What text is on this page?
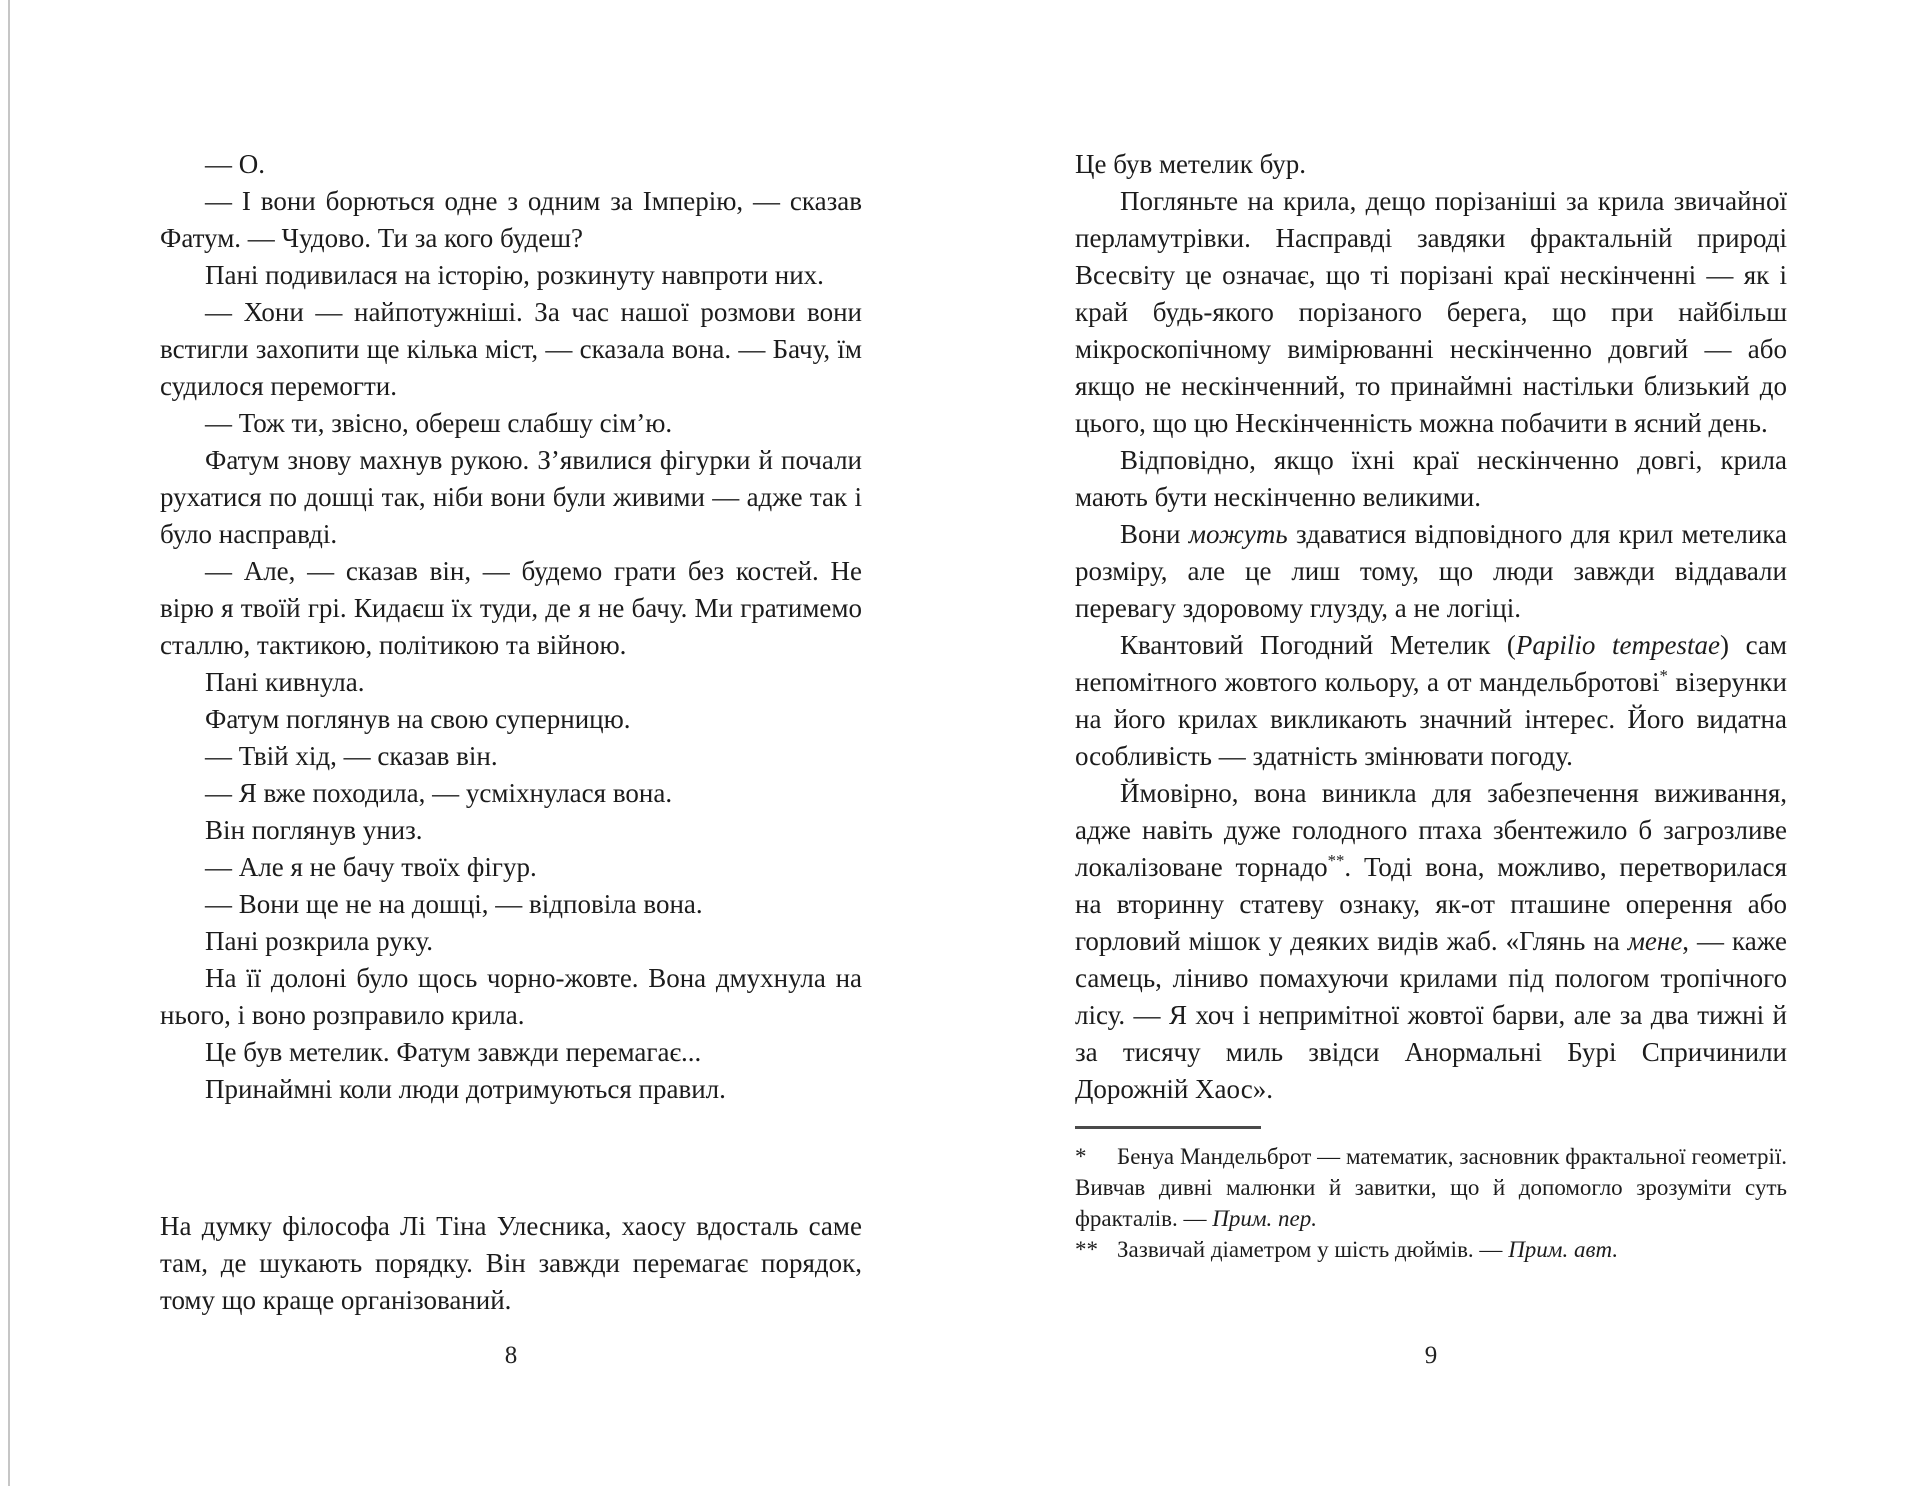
— О.

— І вони борються одне з одним за Імперію, — сказав Фатум. — Чудово. Ти за кого будеш?

Пані подивилася на історію, розкинуту навпроти них.

— Хони — найпотужніші. За час нашої розмови вони встигли захопити ще кілька міст, — сказала вона. — Бачу, їм судилося перемогти.

— Тож ти, звісно, обереш слабшу сім’ю.

Фатум знову махнув рукою. З’явилися фігурки й почали рухатися по дошці так, ніби вони були живими — адже так і було насправді.

— Але, — сказав він, — будемо грати без костей. Не вірю я твоїй грі. Кидаєш їх туди, де я не бачу. Ми гратимемо сталлю, тактикою, політикою та війною.

Пані кивнула.

Фатум поглянув на свою суперницю.

— Твій хід, — сказав він.

— Я вже походила, — усміхнулася вона.

Він поглянув униз.

— Але я не бачу твоїх фігур.

— Вони ще не на дошці, — відповіла вона.

Пані розкрила руку.

На її долоні було щось чорно-жовте. Вона дмухнула на нього, і воно розправило крила.

Це був метелик. Фатум завжди перемагає...

Принаймні коли люди дотримуються правил.

На думку філософа Лі Тіна Улесника, хаосу вдосталь саме там, де шукають порядку. Він завжди перемагає порядок, тому що краще організований.

8

Це був метелик бур.

Погляньте на крила, дещо порізаніші за крила звичайної перламутрівки. Насправді завдяки фрактальній природі Всесвіту це означає, що ті порізані краї нескінченні — як і край будь-якого порізаного берега, що при найбільш мікроскопічному вимірюванні нескінченно довгий — або якщо не нескінченний, то принаймні настільки близький до цього, що цю Нескінченність можна побачити в ясний день.

Відповідно, якщо їхні краї нескінченно довгі, крила мають бути нескінченно великими.

Вони можуть здаватися відповідного для крил метелика розміру, але це лиш тому, що люди завжди віддавали перевагу здоровому глузду, а не логіці.

Квантовий Погодний Метелик (Papilio tempestae) сам непомітного жовтого кольору, а от мандельбротові* візерунки на його крилах викликають значний інтерес. Його видатна особливість — здатність змінювати погоду.

Ймовірно, вона виникла для забезпечення виживання, адже навіть дуже голодного птаха збентежило б загрозливе локалізоване торнадо**. Тоді вона, можливо, перетворилася на вторинну статеву ознаку, як-от пташине оперення або горловий мішок у деяких видів жаб. «Глянь на мене, — каже самець, ліниво помахуючи крилами під пологом тропічного лісу. — Я хоч і непримітної жовтої барви, але за два тижні й за тисячу миль звідси Анормальні Бурі Спричинили Дорожній Хаос».

* Бенуа Мандельброт — математик, засновник фрактальної геометрії. Вивчав дивні малюнки й завитки, що й допомогло зрозуміти суть фракталів. — Прим. пер.

** Зазвичай діаметром у шість дюймів. — Прим. авт.

9
